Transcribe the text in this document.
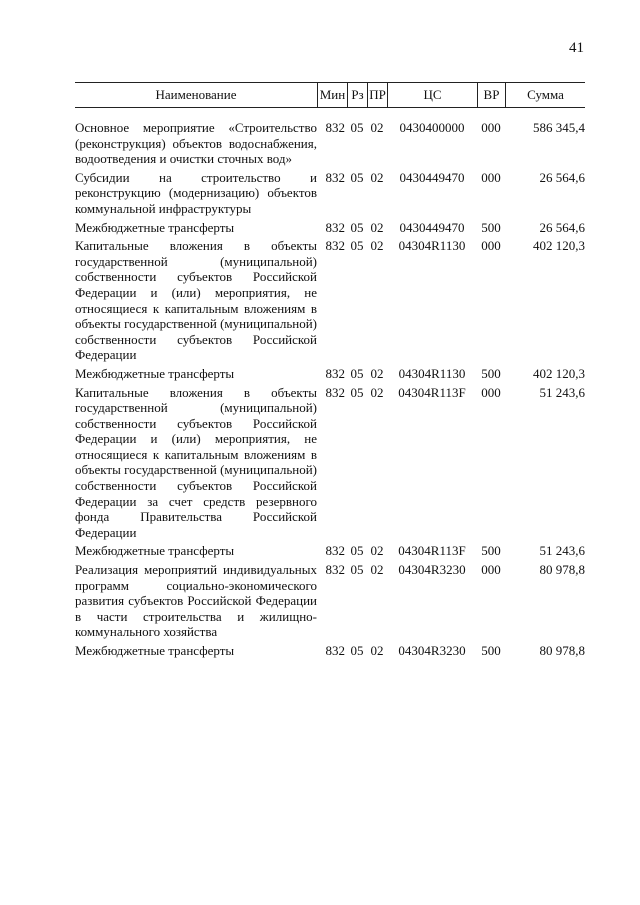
41
Наименование	Мин Рз ПР	ЦС	ВР	Сумма
Основное мероприятие «Строительство (реконструкция) объектов водоснабжения, водоотведения и очистки сточных вод»
832 05 02	0430400000	000	586 345,4
Субсидии на строительство и реконструкцию (модернизацию) объектов коммунальной инфраструктуры
832 05 02	0430449470	000	26 564,6
Межбюджетные трансферты	832 05 02	0430449470	500	26 564,6
Капитальные вложения в объекты государственной (муниципальной) собственности субъектов Российской Федерации и (или) мероприятия, не относящиеся к капитальным вложениям в объекты государственной (муниципальной) собственности субъектов Российской Федерации
832 05 02	04304R1130	000	402 120,3
Межбюджетные трансферты	832 05 02	04304R1130	500	402 120,3
Капитальные вложения в объекты государственной (муниципальной) собственности субъектов Российской Федерации и (или) мероприятия, не относящиеся к капитальным вложениям в объекты государственной (муниципальной) собственности субъектов Российской Федерации за счет средств резервного фонда Правительства Российской Федерации
832 05 02	04304R113F	000	51 243,6
Межбюджетные трансферты	832 05 02	04304R113F	500	51 243,6
Реализация мероприятий индивидуальных программ социально-экономического развития субъектов Российской Федерации в части строительства и жилищно-коммунального хозяйства
832 05 02	04304R3230	000	80 978,8
Межбюджетные трансферты	832 05 02	04304R3230	500	80 978,8
